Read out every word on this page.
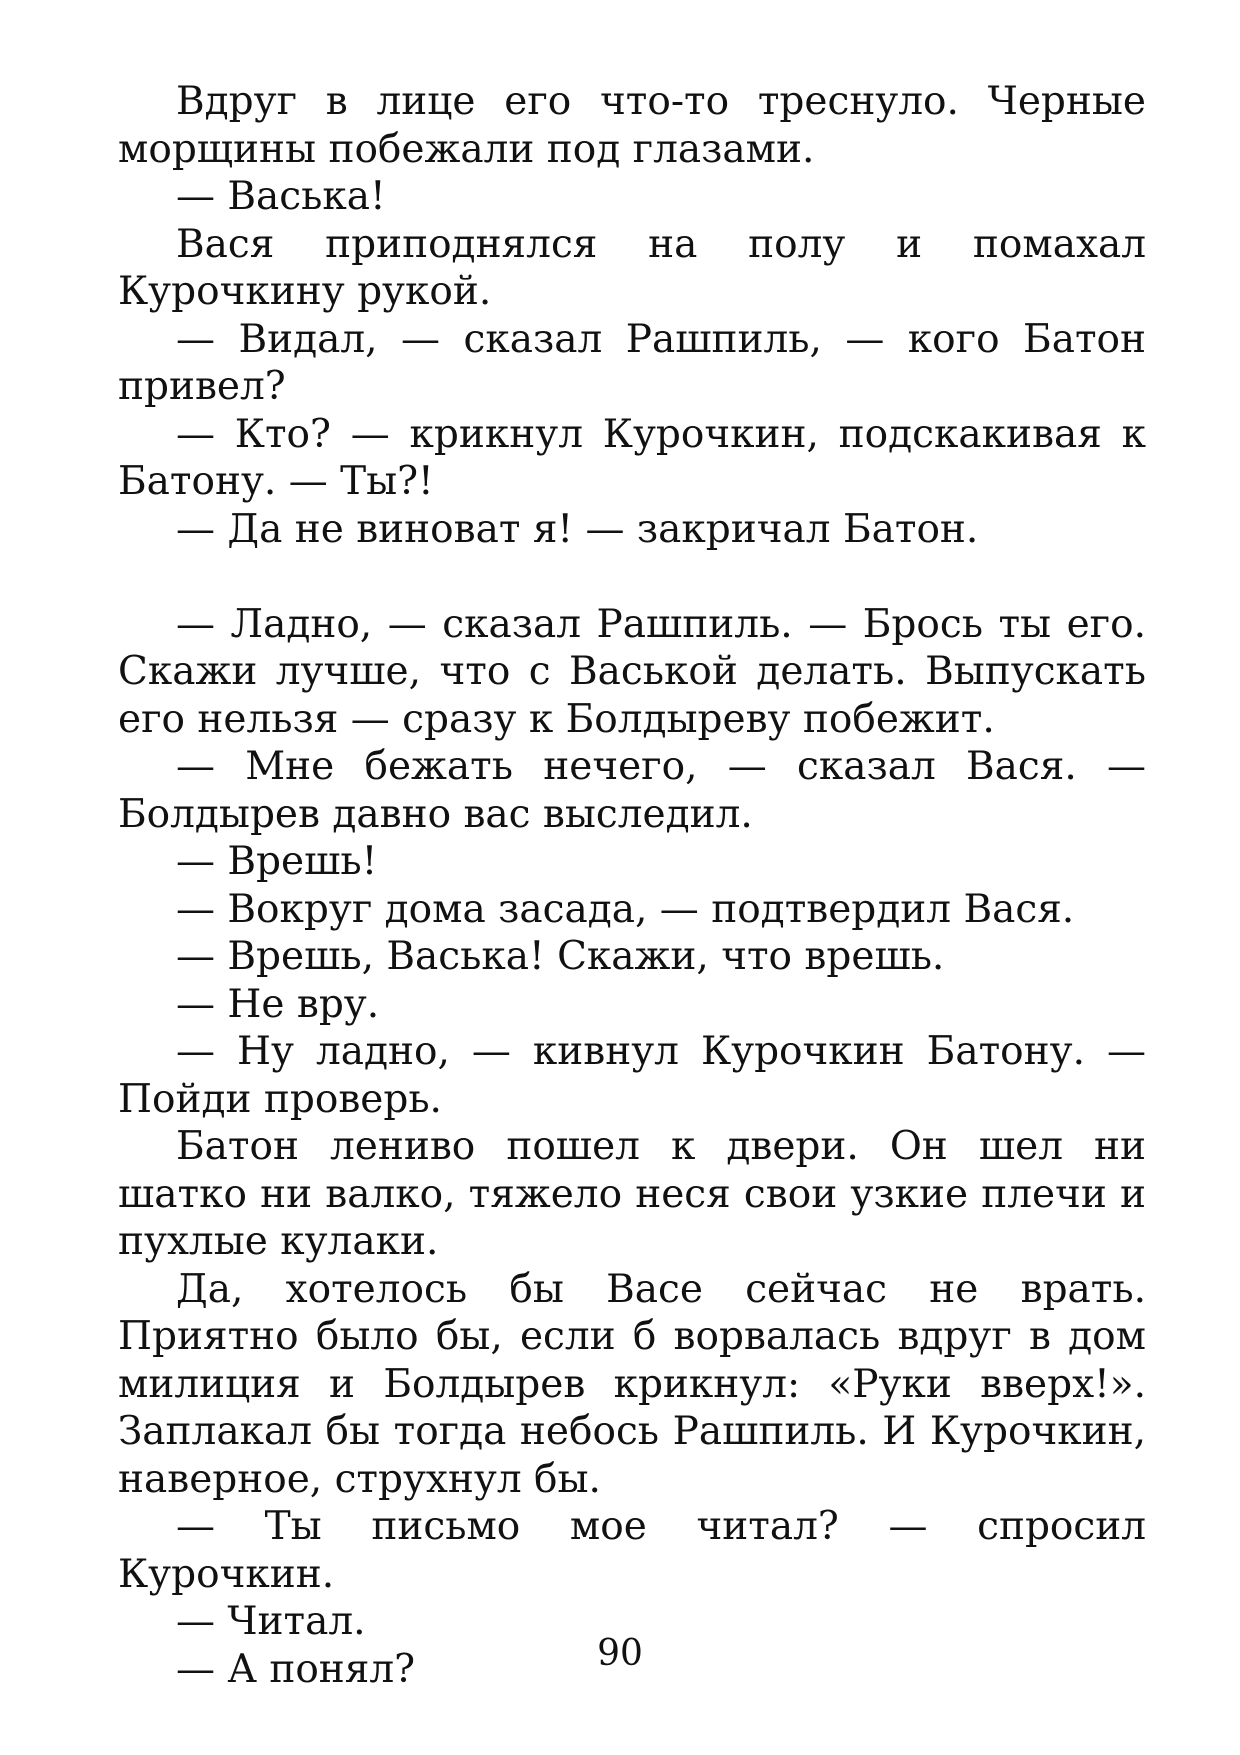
Вдруг в лице его что-то треснуло. Черные морщины побежали под глазами.

— Васька!

Вася приподнялся на полу и помахал Курочкину рукой.

— Видал, — сказал Рашпиль, — кого Батон привел?

— Кто? — крикнул Курочкин, подскакивая к Батону. — Ты?!

— Да не виноват я! — закричал Батон.

— Ладно, — сказал Рашпиль. — Брось ты его. Скажи лучше, что с Васькой делать. Выпускать его нельзя — сразу к Болдыреву побежит.

— Мне бежать нечего, — сказал Вася. — Болдырев давно вас выследил.

— Врешь!

— Вокруг дома засада, — подтвердил Вася.

— Врешь, Васька! Скажи, что врешь.

— Не вру.

— Ну ладно, — кивнул Курочкин Батону. — Пойди проверь.

Батон лениво пошел к двери. Он шел ни шатко ни валко, тяжело неся свои узкие плечи и пухлые кулаки.

Да, хотелось бы Васе сейчас не врать. Приятно было бы, если б ворвалась вдруг в дом милиция и Болдырев крикнул: «Руки вверх!». Заплакал бы тогда небось Рашпиль. И Курочкин, наверное, струхнул бы.

— Ты письмо мое читал? — спросил Курочкин.

— Читал.

— А понял?	90
